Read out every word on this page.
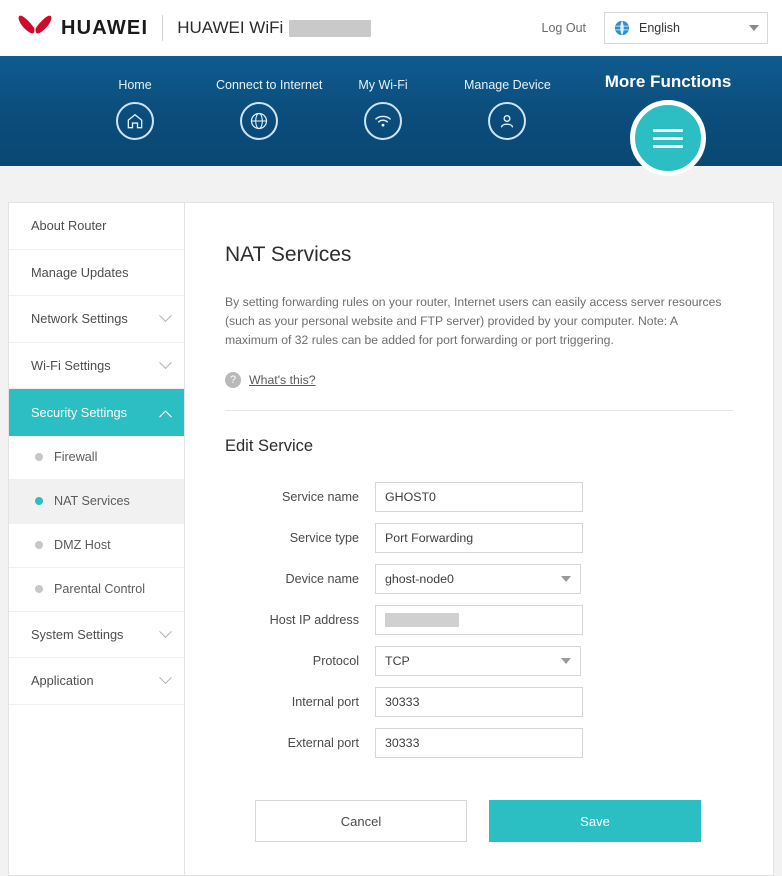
HUAWEI HUAWEI WiFi	Log Out	English
Home	Connect to Internet	My Wi-Fi	Manage Device	More Functions
About Router
Manage Updates
Network Settings
Wi-Fi Settings
Security Settings
Firewall
NAT Services
DMZ Host
Parental Control
System Settings
Application
NAT Services
By setting forwarding rules on your router, Internet users can easily access server resources (such as your personal website and FTP server) provided by your computer. Note: A maximum of 32 rules can be added for port forwarding or port triggering.
?	What's this?
Edit Service
Service name	GHOST0
Service type	Port Forwarding
Device name	ghost-node0
Host IP address
Protocol	TCP
Internal port	30333
External port	30333
Cancel	Save
